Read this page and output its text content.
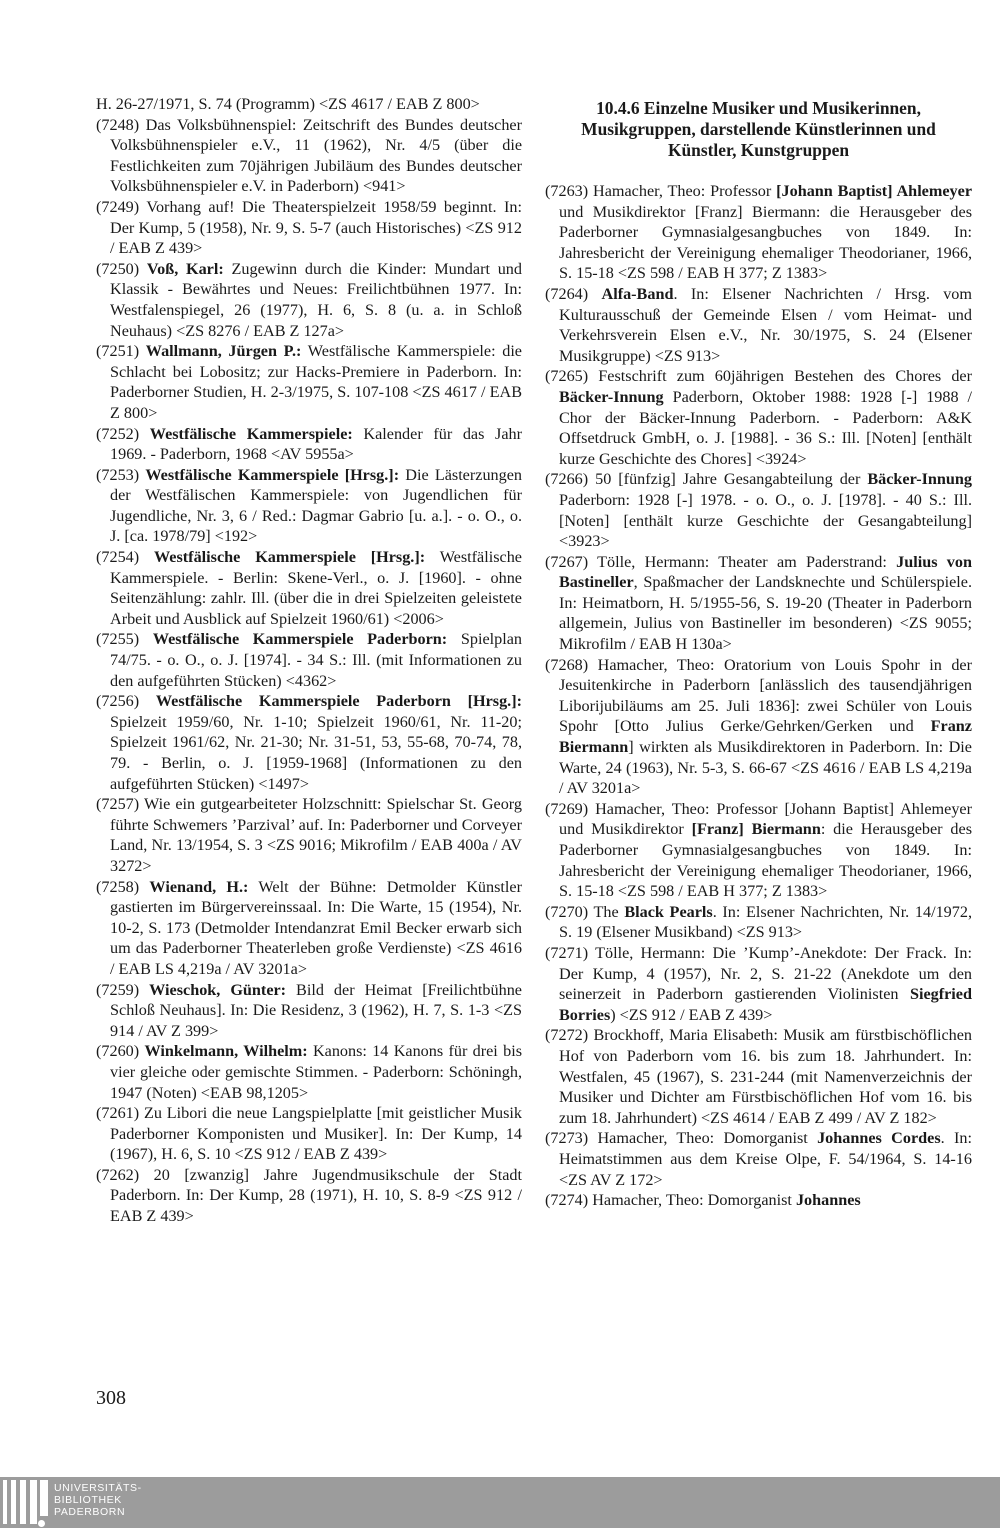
H. 26-27/1971, S. 74 (Programm) <ZS 4617 / EAB Z 800>

(7248) Das Volksbühnenspiel: Zeitschrift des Bundes deutscher Volksbühnenspieler e.V., 11 (1962), Nr. 4/5 (über die Festlichkeiten zum 70jährigen Jubiläum des Bundes deutscher Volksbühnenspieler e.V. in Paderborn) <941>

(7249) Vorhang auf! Die Theaterspielzeit 1958/59 beginnt. In: Der Kump, 5 (1958), Nr. 9, S. 5-7 (auch Historisches) <ZS 912 / EAB Z 439>

(7250) Voß, Karl: Zugewinn durch die Kinder: Mundart und Klassik - Bewährtes und Neues: Freilichtbühnen 1977. In: Westfalenspiegel, 26 (1977), H. 6, S. 8 (u. a. in Schloß Neuhaus) <ZS 8276 / EAB Z 127a>

(7251) Wallmann, Jürgen P.: Westfälische Kammerspiele: die Schlacht bei Lobositz; zur Hacks-Premiere in Paderborn. In: Paderborner Studien, H. 2-3/1975, S. 107-108 <ZS 4617 / EAB Z 800>

(7252) Westfälische Kammerspiele: Kalender für das Jahr 1969. - Paderborn, 1968 <AV 5955a>

(7253) Westfälische Kammerspiele [Hrsg.]: Die Lästerzungen der Westfälischen Kammerspiele: von Jugendlichen für Jugendliche, Nr. 3, 6 / Red.: Dagmar Gabrio [u. a.]. - o. O., o. J. [ca. 1978/79] <192>

(7254) Westfälische Kammerspiele [Hrsg.]: Westfälische Kammerspiele. - Berlin: Skene-Verl., o. J. [1960]. - ohne Seitenzählung: zahlr. Ill. (über die in drei Spielzeiten geleistete Arbeit und Ausblick auf Spielzeit 1960/61) <2006>

(7255) Westfälische Kammerspiele Paderborn: Spielplan 74/75. - o. O., o. J. [1974]. - 34 S.: Ill. (mit Informationen zu den aufgeführten Stücken) <4362>

(7256) Westfälische Kammerspiele Paderborn [Hrsg.]: Spielzeit 1959/60, Nr. 1-10; Spielzeit 1960/61, Nr. 11-20; Spielzeit 1961/62, Nr. 21-30; Nr. 31-51, 53, 55-68, 70-74, 78, 79. - Berlin, o. J. [1959-1968] (Informationen zu den aufgeführten Stücken) <1497>

(7257) Wie ein gutgearbeiteter Holzschnitt: Spielschar St. Georg führte Schwemers ’Parzival’ auf. In: Paderborner und Corveyer Land, Nr. 13/1954, S. 3 <ZS 9016; Mikrofilm / EAB 400a / AV 3272>

(7258) Wienand, H.: Welt der Bühne: Detmolder Künstler gastierten im Bürgervereinssaal. In: Die Warte, 15 (1954), Nr. 10-2, S. 173 (Detmolder Intendanzrat Emil Becker erwarb sich um das Paderborner Theaterleben große Verdienste) <ZS 4616 / EAB LS 4,219a / AV 3201a>

(7259) Wieschok, Günter: Bild der Heimat [Freilichtbühne Schloß Neuhaus]. In: Die Residenz, 3 (1962), H. 7, S. 1-3 <ZS 914 / AV Z 399>

(7260) Winkelmann, Wilhelm: Kanons: 14 Kanons für drei bis vier gleiche oder gemischte Stimmen. - Paderborn: Schöningh, 1947 (Noten) <EAB 98,1205>

(7261) Zu Libori die neue Langspielplatte [mit geistlicher Musik Paderborner Komponisten und Musiker]. In: Der Kump, 14 (1967), H. 6, S. 10 <ZS 912 / EAB Z 439>

(7262) 20 [zwanzig] Jahre Jugendmusikschule der Stadt Paderborn. In: Der Kump, 28 (1971), H. 10, S. 8-9 <ZS 912 / EAB Z 439>

10.4.6 Einzelne Musiker und Musikerinnen, Musikgruppen, darstellende Künstlerinnen und Künstler, Kunstgruppen

(7263) Hamacher, Theo: Professor [Johann Baptist] Ahlemeyer und Musikdirektor [Franz] Biermann: die Herausgeber des Paderborner Gymnasialgesangbuches von 1849. In: Jahresbericht der Vereinigung ehemaliger Theodorianer, 1966, S. 15-18 <ZS 598 / EAB H 377; Z 1383>

(7264) Alfa-Band. In: Elsener Nachrichten / Hrsg. vom Kulturausschuß der Gemeinde Elsen / vom Heimat- und Verkehrsverein Elsen e.V., Nr. 30/1975, S. 24 (Elsener Musikgruppe) <ZS 913>

(7265) Festschrift zum 60jährigen Bestehen des Chores der Bäcker-Innung Paderborn, Oktober 1988: 1928 [-] 1988 / Chor der Bäcker-Innung Paderborn. - Paderborn: A&K Offsetdruck GmbH, o. J. [1988]. - 36 S.: Ill. [Noten] [enthält kurze Geschichte des Chores] <3924>

(7266) 50 [fünfzig] Jahre Gesangabteilung der Bäcker-Innung Paderborn: 1928 [-] 1978. - o. O., o. J. [1978]. - 40 S.: Ill. [Noten] [enthält kurze Geschichte der Gesangabteilung] <3923>

(7267) Tölle, Hermann: Theater am Paderstrand: Julius von Bastineller, Spaßmacher der Landsknechte und Schülerspiele. In: Heimatborn, H. 5/1955-56, S. 19-20 (Theater in Paderborn allgemein, Julius von Bastineller im besonderen) <ZS 9055; Mikrofilm / EAB H 130a>

(7268) Hamacher, Theo: Oratorium von Louis Spohr in der Jesuitenkirche in Paderborn [anlässlich des tausendjährigen Liborijubiläums am 25. Juli 1836]: zwei Schüler von Louis Spohr [Otto Julius Gerke/Gehrken/Gerken und Franz Biermann] wirkten als Musikdirektoren in Paderborn. In: Die Warte, 24 (1963), Nr. 5-3, S. 66-67 <ZS 4616 / EAB LS 4,219a / AV 3201a>

(7269) Hamacher, Theo: Professor [Johann Baptist] Ahlemeyer und Musikdirektor [Franz] Biermann: die Herausgeber des Paderborner Gymnasialgesangbuches von 1849. In: Jahresbericht der Vereinigung ehemaliger Theodorianer, 1966, S. 15-18 <ZS 598 / EAB H 377; Z 1383>

(7270) The Black Pearls. In: Elsener Nachrichten, Nr. 14/1972, S. 19 (Elsener Musikband) <ZS 913>

(7271) Tölle, Hermann: Die ’Kump’-Anekdote: Der Frack. In: Der Kump, 4 (1957), Nr. 2, S. 21-22 (Anekdote um den seinerzeit in Paderborn gastierenden Violinisten Siegfried Borries) <ZS 912 / EAB Z 439>

(7272) Brockhoff, Maria Elisabeth: Musik am fürstbischöflichen Hof von Paderborn vom 16. bis zum 18. Jahrhundert. In: Westfalen, 45 (1967), S. 231-244 (mit Namenverzeichnis der Musiker und Dichter am Fürstbischöflichen Hof vom 16. bis zum 18. Jahrhundert) <ZS 4614 / EAB Z 499 / AV Z 182>

(7273) Hamacher, Theo: Domorganist Johannes Cordes. In: Heimatstimmen aus dem Kreise Olpe, F. 54/1964, S. 14-16 <ZS AV Z 172>

(7274) Hamacher, Theo: Domorganist Johannes

308
UNIVERSITÄTS-
BIBLIOTHEK
PADERBORN
